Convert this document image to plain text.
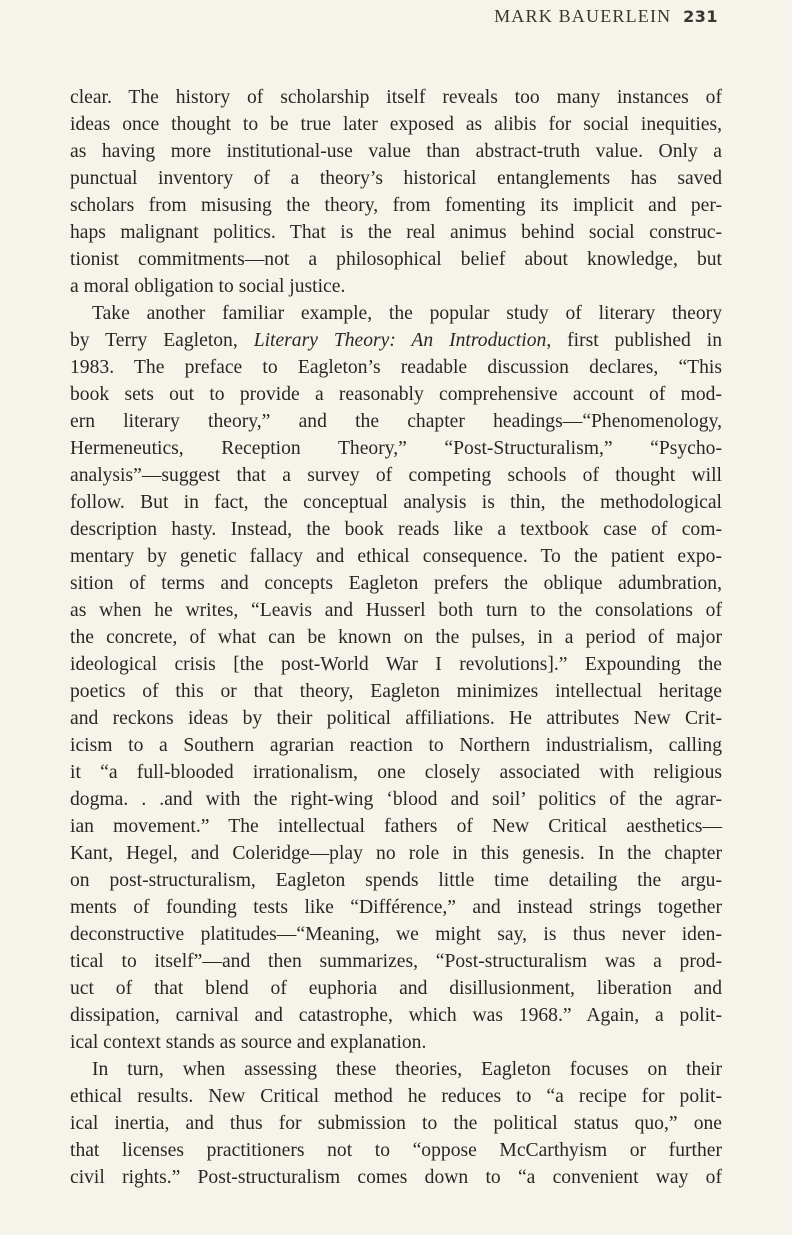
MARK BAUERLEIN 231
clear. The history of scholarship itself reveals too many instances of
ideas once thought to be true later exposed as alibis for social inequities,
as having more institutional-use value than abstract-truth value. Only a
punctual inventory of a theory’s historical entanglements has saved
scholars from misusing the theory, from fomenting its implicit and per-
haps malignant politics. That is the real animus behind social construc-
tionist commitments—not a philosophical belief about knowledge, but
a moral obligation to social justice.
Take another familiar example, the popular study of literary theory
by Terry Eagleton, Literary Theory: An Introduction, first published in
1983. The preface to Eagleton’s readable discussion declares, “This
book sets out to provide a reasonably comprehensive account of mod-
ern literary theory,” and the chapter headings—“Phenomenology,
Hermeneutics, Reception Theory,” “Post-Structuralism,” “Psycho-
analysis”—suggest that a survey of competing schools of thought will
follow. But in fact, the conceptual analysis is thin, the methodological
description hasty. Instead, the book reads like a textbook case of com-
mentary by genetic fallacy and ethical consequence. To the patient expo-
sition of terms and concepts Eagleton prefers the oblique adumbration,
as when he writes, “Leavis and Husserl both turn to the consolations of
the concrete, of what can be known on the pulses, in a period of major
ideological crisis [the post-World War I revolutions].” Expounding the
poetics of this or that theory, Eagleton minimizes intellectual heritage
and reckons ideas by their political affiliations. He attributes New Crit-
icism to a Southern agrarian reaction to Northern industrialism, calling
it “a full-blooded irrationalism, one closely associated with religious
dogma. . .and with the right-wing ‘blood and soil’ politics of the agrar-
ian movement.” The intellectual fathers of New Critical aesthetics—
Kant, Hegel, and Coleridge—play no role in this genesis. In the chapter
on post-structuralism, Eagleton spends little time detailing the argu-
ments of founding tests like “Différence,” and instead strings together
deconstructive platitudes—“Meaning, we might say, is thus never iden-
tical to itself”—and then summarizes, “Post-structuralism was a prod-
uct of that blend of euphoria and disillusionment, liberation and
dissipation, carnival and catastrophe, which was 1968.” Again, a polit-
ical context stands as source and explanation.
In turn, when assessing these theories, Eagleton focuses on their
ethical results. New Critical method he reduces to “a recipe for polit-
ical inertia, and thus for submission to the political status quo,” one
that licenses practitioners not to “oppose McCarthyism or further
civil rights.” Post-structuralism comes down to “a convenient way of
